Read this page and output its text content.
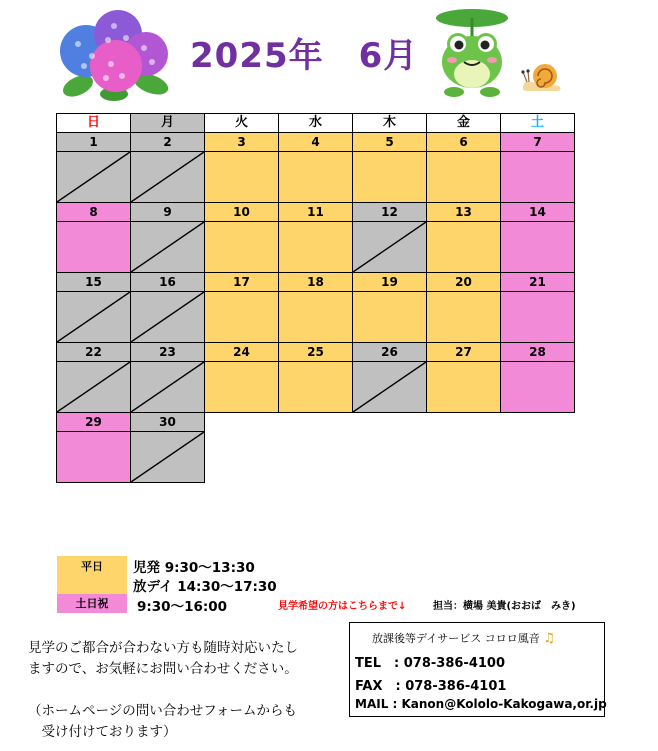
2025年　6月
日	月	火	水	木	金	土
1	2	3	4	5	6	7
8	9	10	11	12	13	14
15	16	17	18	19	20	21
22	23	24	25	26	27	28
29	30
平日	児発 9:30～13:30
放デイ 14:30～17:30
土日祝	9:30～16:00	見学希望の方はこちらまで↓	担当：横場 美貴(おおば　みき)
見学のご都合が合わない方も随時対応いたし
ますので、お気軽にお問い合わせください。

（ホームページの問い合わせフォームからも
　受け付けております）
放課後等デイサービス コロロ風音 ♫
TEL　: 078-386-4100
FAX　: 078-386-4101
MAIL : Kanon@Kololo-Kakogawa,or.jp
